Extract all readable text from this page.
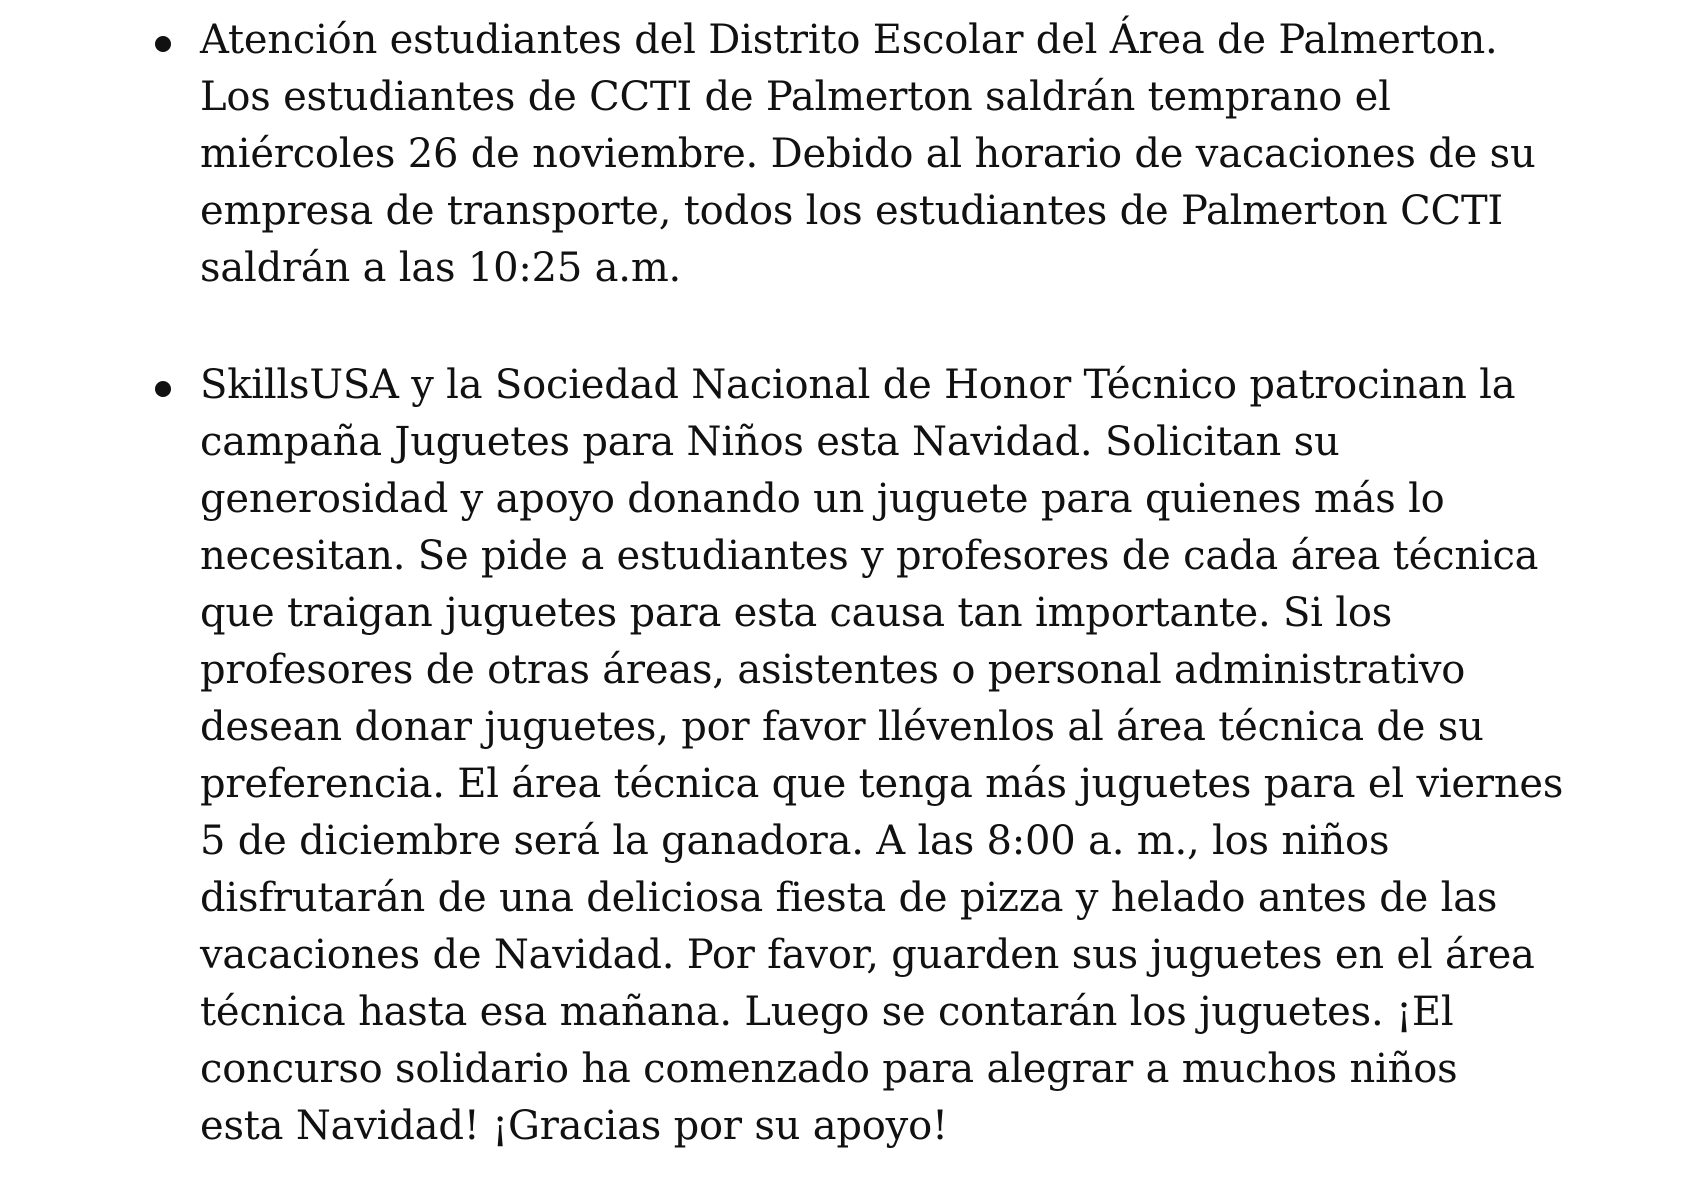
Atención estudiantes del Distrito Escolar del Área de Palmerton.
Los estudiantes de CCTI de Palmerton saldrán temprano el
miércoles 26 de noviembre. Debido al horario de vacaciones de su
empresa de transporte, todos los estudiantes de Palmerton CCTI
saldrán a las 10:25 a.m.
SkillsUSA y la Sociedad Nacional de Honor Técnico patrocinan la
campaña Juguetes para Niños esta Navidad. Solicitan su
generosidad y apoyo donando un juguete para quienes más lo
necesitan. Se pide a estudiantes y profesores de cada área técnica
que traigan juguetes para esta causa tan importante. Si los
profesores de otras áreas, asistentes o personal administrativo
desean donar juguetes, por favor llévenlos al área técnica de su
preferencia. El área técnica que tenga más juguetes para el viernes
5 de diciembre será la ganadora. A las 8:00 a. m., los niños
disfrutarán de una deliciosa fiesta de pizza y helado antes de las
vacaciones de Navidad. Por favor, guarden sus juguetes en el área
técnica hasta esa mañana. Luego se contarán los juguetes. ¡El
concurso solidario ha comenzado para alegrar a muchos niños
esta Navidad! ¡Gracias por su apoyo!
